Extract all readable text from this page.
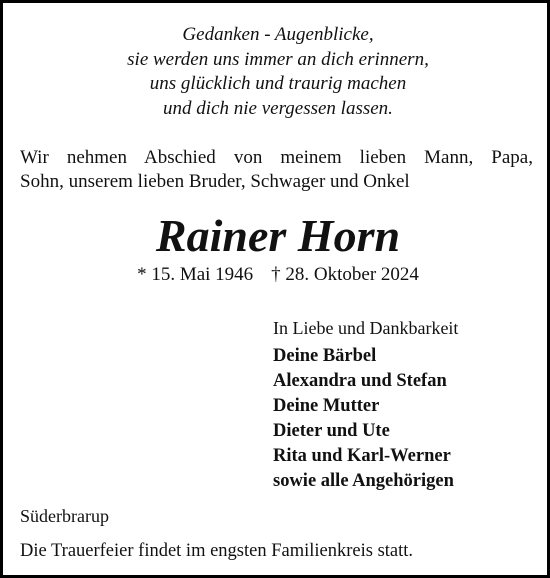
Gedanken - Augenblicke,
sie werden uns immer an dich erinnern,
uns glücklich und traurig machen
und dich nie vergessen lassen.
Wir nehmen Abschied von meinem lieben Mann, Papa,
Sohn, unserem lieben Bruder, Schwager und Onkel
Rainer Horn
* 15. Mai 1946 † 28. Oktober 2024
In Liebe und Dankbarkeit
Deine Bärbel
Alexandra und Stefan
Deine Mutter
Dieter und Ute
Rita und Karl-Werner
sowie alle Angehörigen
Süderbrarup
Die Trauerfeier findet im engsten Familienkreis statt.
